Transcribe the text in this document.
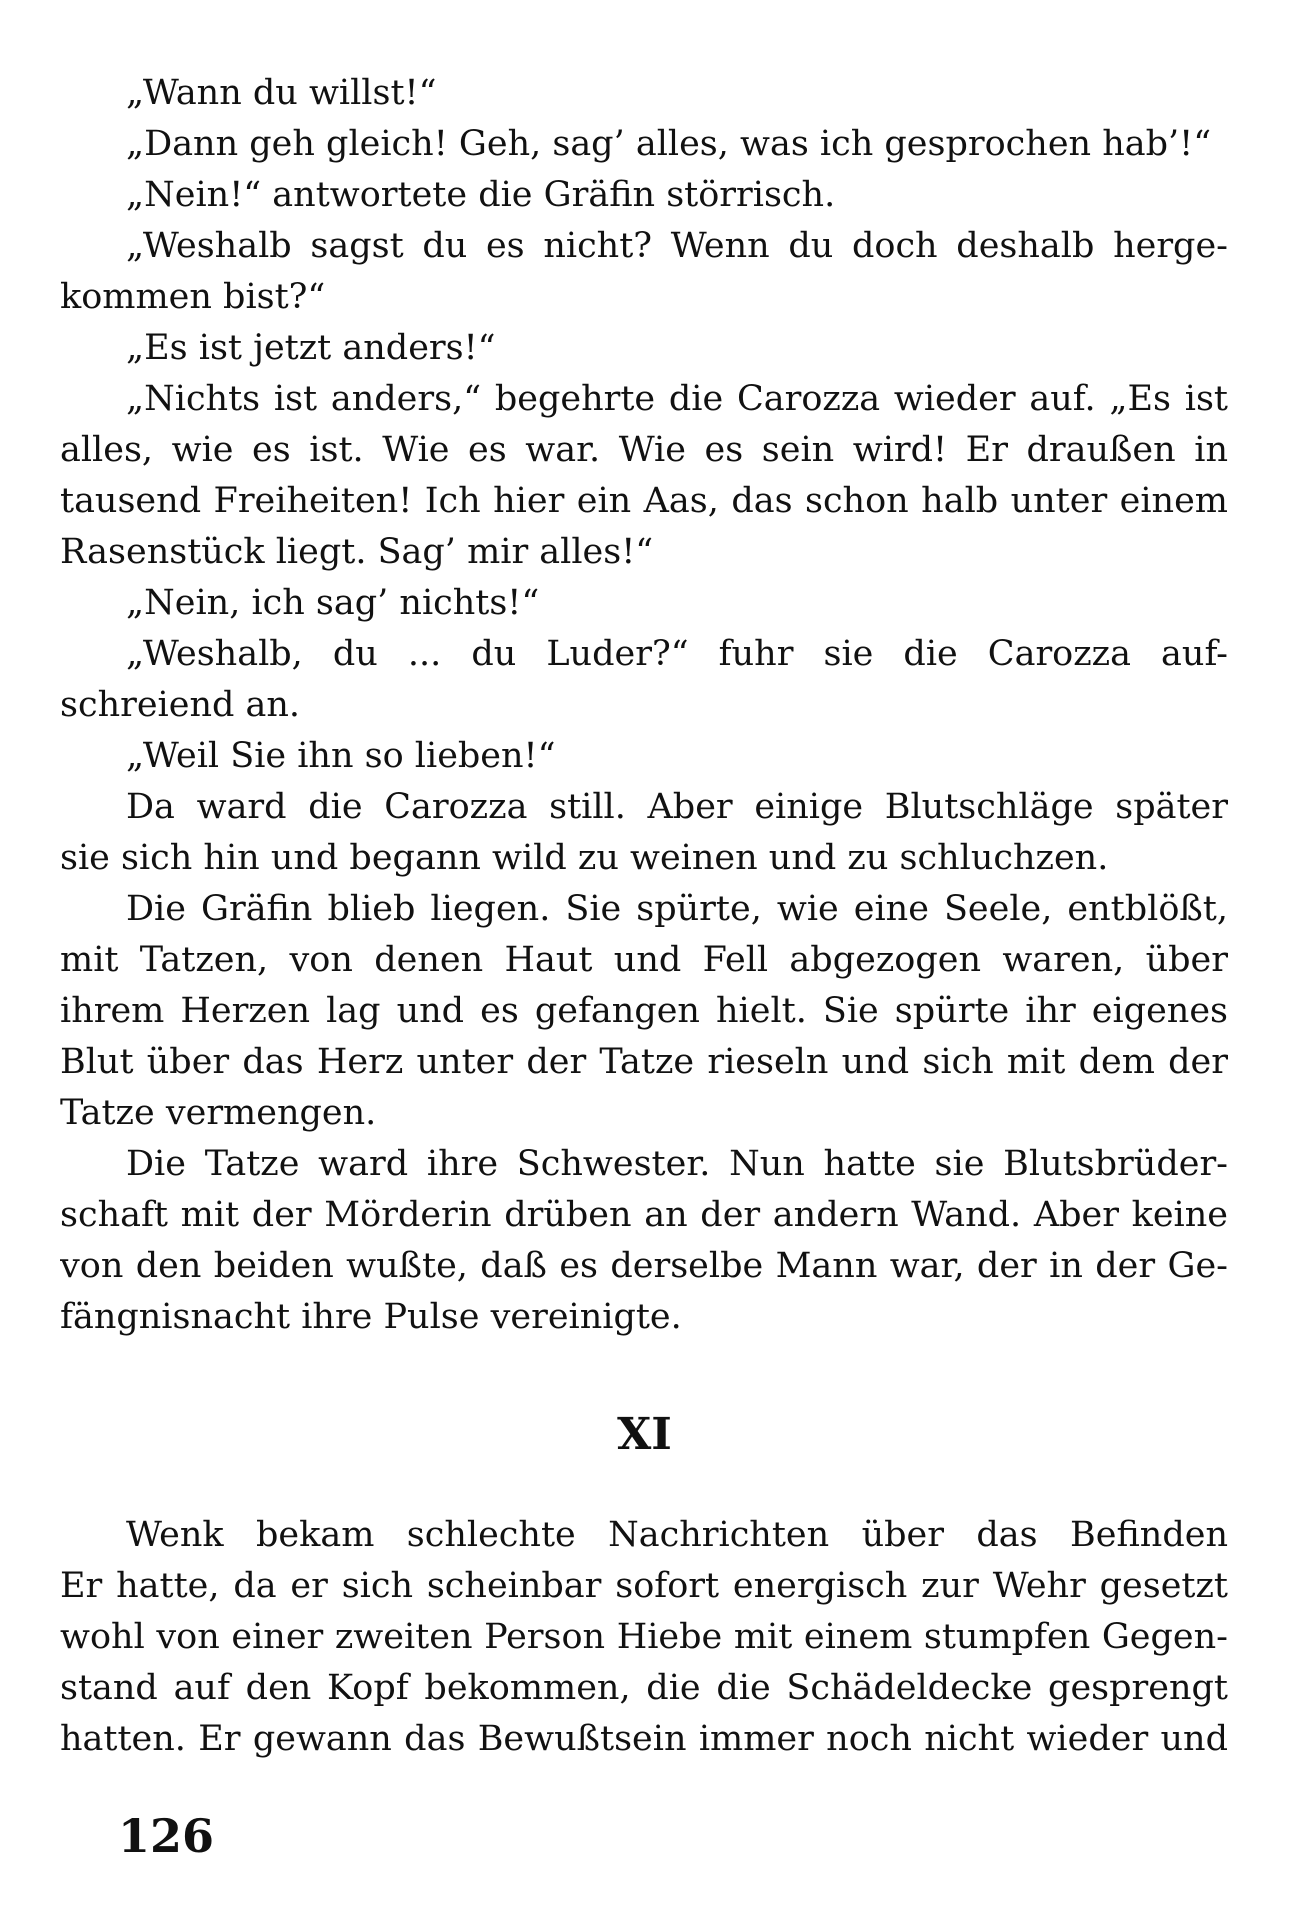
„Wann du willst!“
„Dann geh gleich! Geh, sag’ alles, was ich gesprochen hab’!“
„Nein!“ antwortete die Gräfin störrisch.
„Weshalb sagst du es nicht? Wenn du doch deshalb herge-
kommen bist?“
„Es ist jetzt anders!“
„Nichts ist anders,“ begehrte die Carozza wieder auf. „Es ist
alles, wie es ist. Wie es war. Wie es sein wird! Er draußen in
tausend Freiheiten! Ich hier ein Aas, das schon halb unter einem
Rasenstück liegt. Sag’ mir alles!“
„Nein, ich sag’ nichts!“
„Weshalb, du ... du Luder?“ fuhr sie die Carozza auf-
schreiend an.
„Weil Sie ihn so lieben!“
Da ward die Carozza still. Aber einige Blutschläge später
sie sich hin und begann wild zu weinen und zu schluchzen.
Die Gräfin blieb liegen. Sie spürte, wie eine Seele, entblößt,
mit Tatzen, von denen Haut und Fell abgezogen waren, über
ihrem Herzen lag und es gefangen hielt. Sie spürte ihr eigenes
Blut über das Herz unter der Tatze rieseln und sich mit dem der
Tatze vermengen.
Die Tatze ward ihre Schwester. Nun hatte sie Blutsbrüder-
schaft mit der Mörderin drüben an der andern Wand. Aber keine
von den beiden wußte, daß es derselbe Mann war, der in der Ge-
fängnisnacht ihre Pulse vereinigte.
XI
Wenk bekam schlechte Nachrichten über das Befinden
Er hatte, da er sich scheinbar sofort energisch zur Wehr gesetzt
wohl von einer zweiten Person Hiebe mit einem stumpfen Gegen-
stand auf den Kopf bekommen, die die Schädeldecke gesprengt
hatten. Er gewann das Bewußtsein immer noch nicht wieder und
126
